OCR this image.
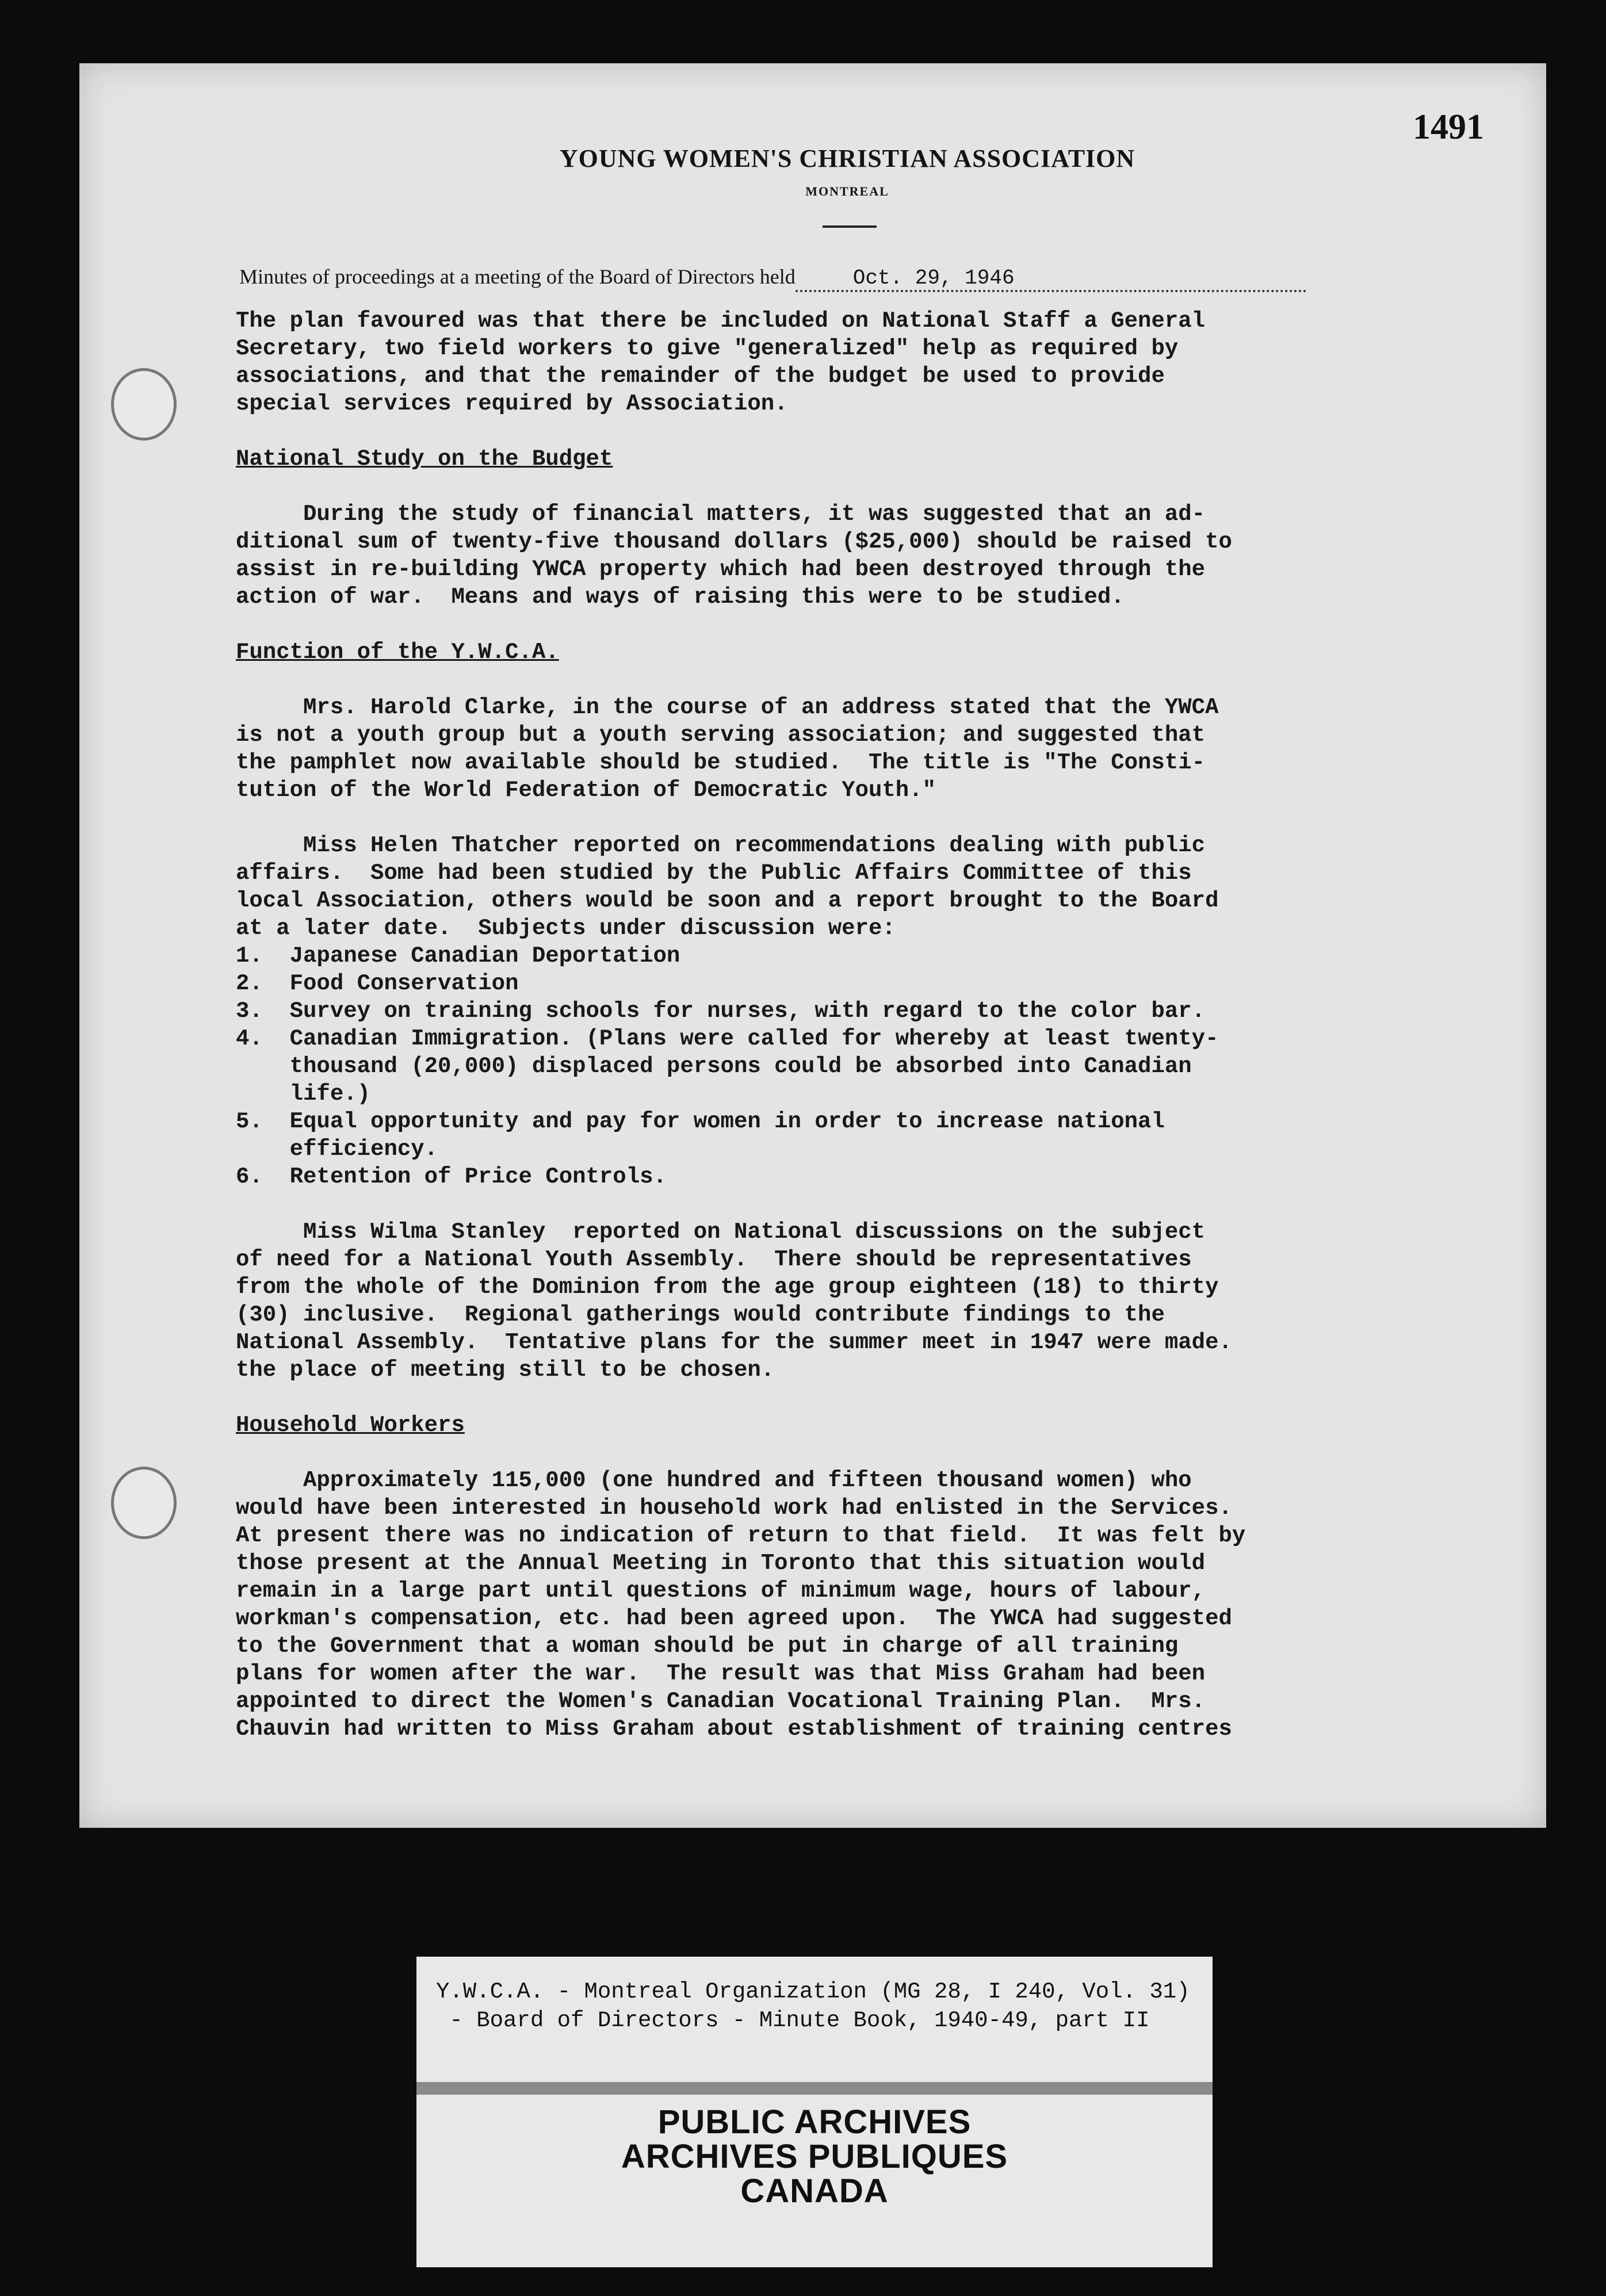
1491
YOUNG WOMEN'S CHRISTIAN ASSOCIATION
MONTREAL
Minutes of proceedings at a meeting of the Board of Directors held	Oct. 29, 1946
The plan favoured was that there be included on National Staff a General
Secretary, two field workers to give "generalized" help as required by
associations, and that the remainder of the budget be used to provide
special services required by Association.
National Study on the Budget
During the study of financial matters, it was suggested that an ad-
ditional sum of twenty-five thousand dollars ($25,000) should be raised to
assist in re-building YWCA property which had been destroyed through the
action of war.  Means and ways of raising this were to be studied.
Function of the Y.W.C.A.
Mrs. Harold Clarke, in the course of an address stated that the YWCA
is not a youth group but a youth serving association; and suggested that
the pamphlet now available should be studied.  The title is "The Consti-
tution of the World Federation of Democratic Youth."
Miss Helen Thatcher reported on recommendations dealing with public
affairs.  Some had been studied by the Public Affairs Committee of this
local Association, others would be soon and a report brought to the Board
at a later date.  Subjects under discussion were:
1.  Japanese Canadian Deportation
2.  Food Conservation
3.  Survey on training schools for nurses, with regard to the color bar.
4.  Canadian Immigration. (Plans were called for whereby at least twenty-
thousand (20,000) displaced persons could be absorbed into Canadian
life.)
5.  Equal opportunity and pay for women in order to increase national
efficiency.
6.  Retention of Price Controls.
Miss Wilma Stanley  reported on National discussions on the subject
of need for a National Youth Assembly.  There should be representatives
from the whole of the Dominion from the age group eighteen (18) to thirty
(30) inclusive.  Regional gatherings would contribute findings to the
National Assembly.  Tentative plans for the summer meet in 1947 were made.
the place of meeting still to be chosen.
Household Workers
Approximately 115,000 (one hundred and fifteen thousand women) who
would have been interested in household work had enlisted in the Services.
At present there was no indication of return to that field.  It was felt by
those present at the Annual Meeting in Toronto that this situation would
remain in a large part until questions of minimum wage, hours of labour,
workman's compensation, etc. had been agreed upon.  The YWCA had suggested
to the Government that a woman should be put in charge of all training
plans for women after the war.  The result was that Miss Graham had been
appointed to direct the Women's Canadian Vocational Training Plan.  Mrs.
Chauvin had written to Miss Graham about establishment of training centres
Y.W.C.A. - Montreal Organization (MG 28, I 240, Vol. 31)
- Board of Directors - Minute Book, 1940-49, part II
PUBLIC ARCHIVES
ARCHIVES PUBLIQUES
CANADA
